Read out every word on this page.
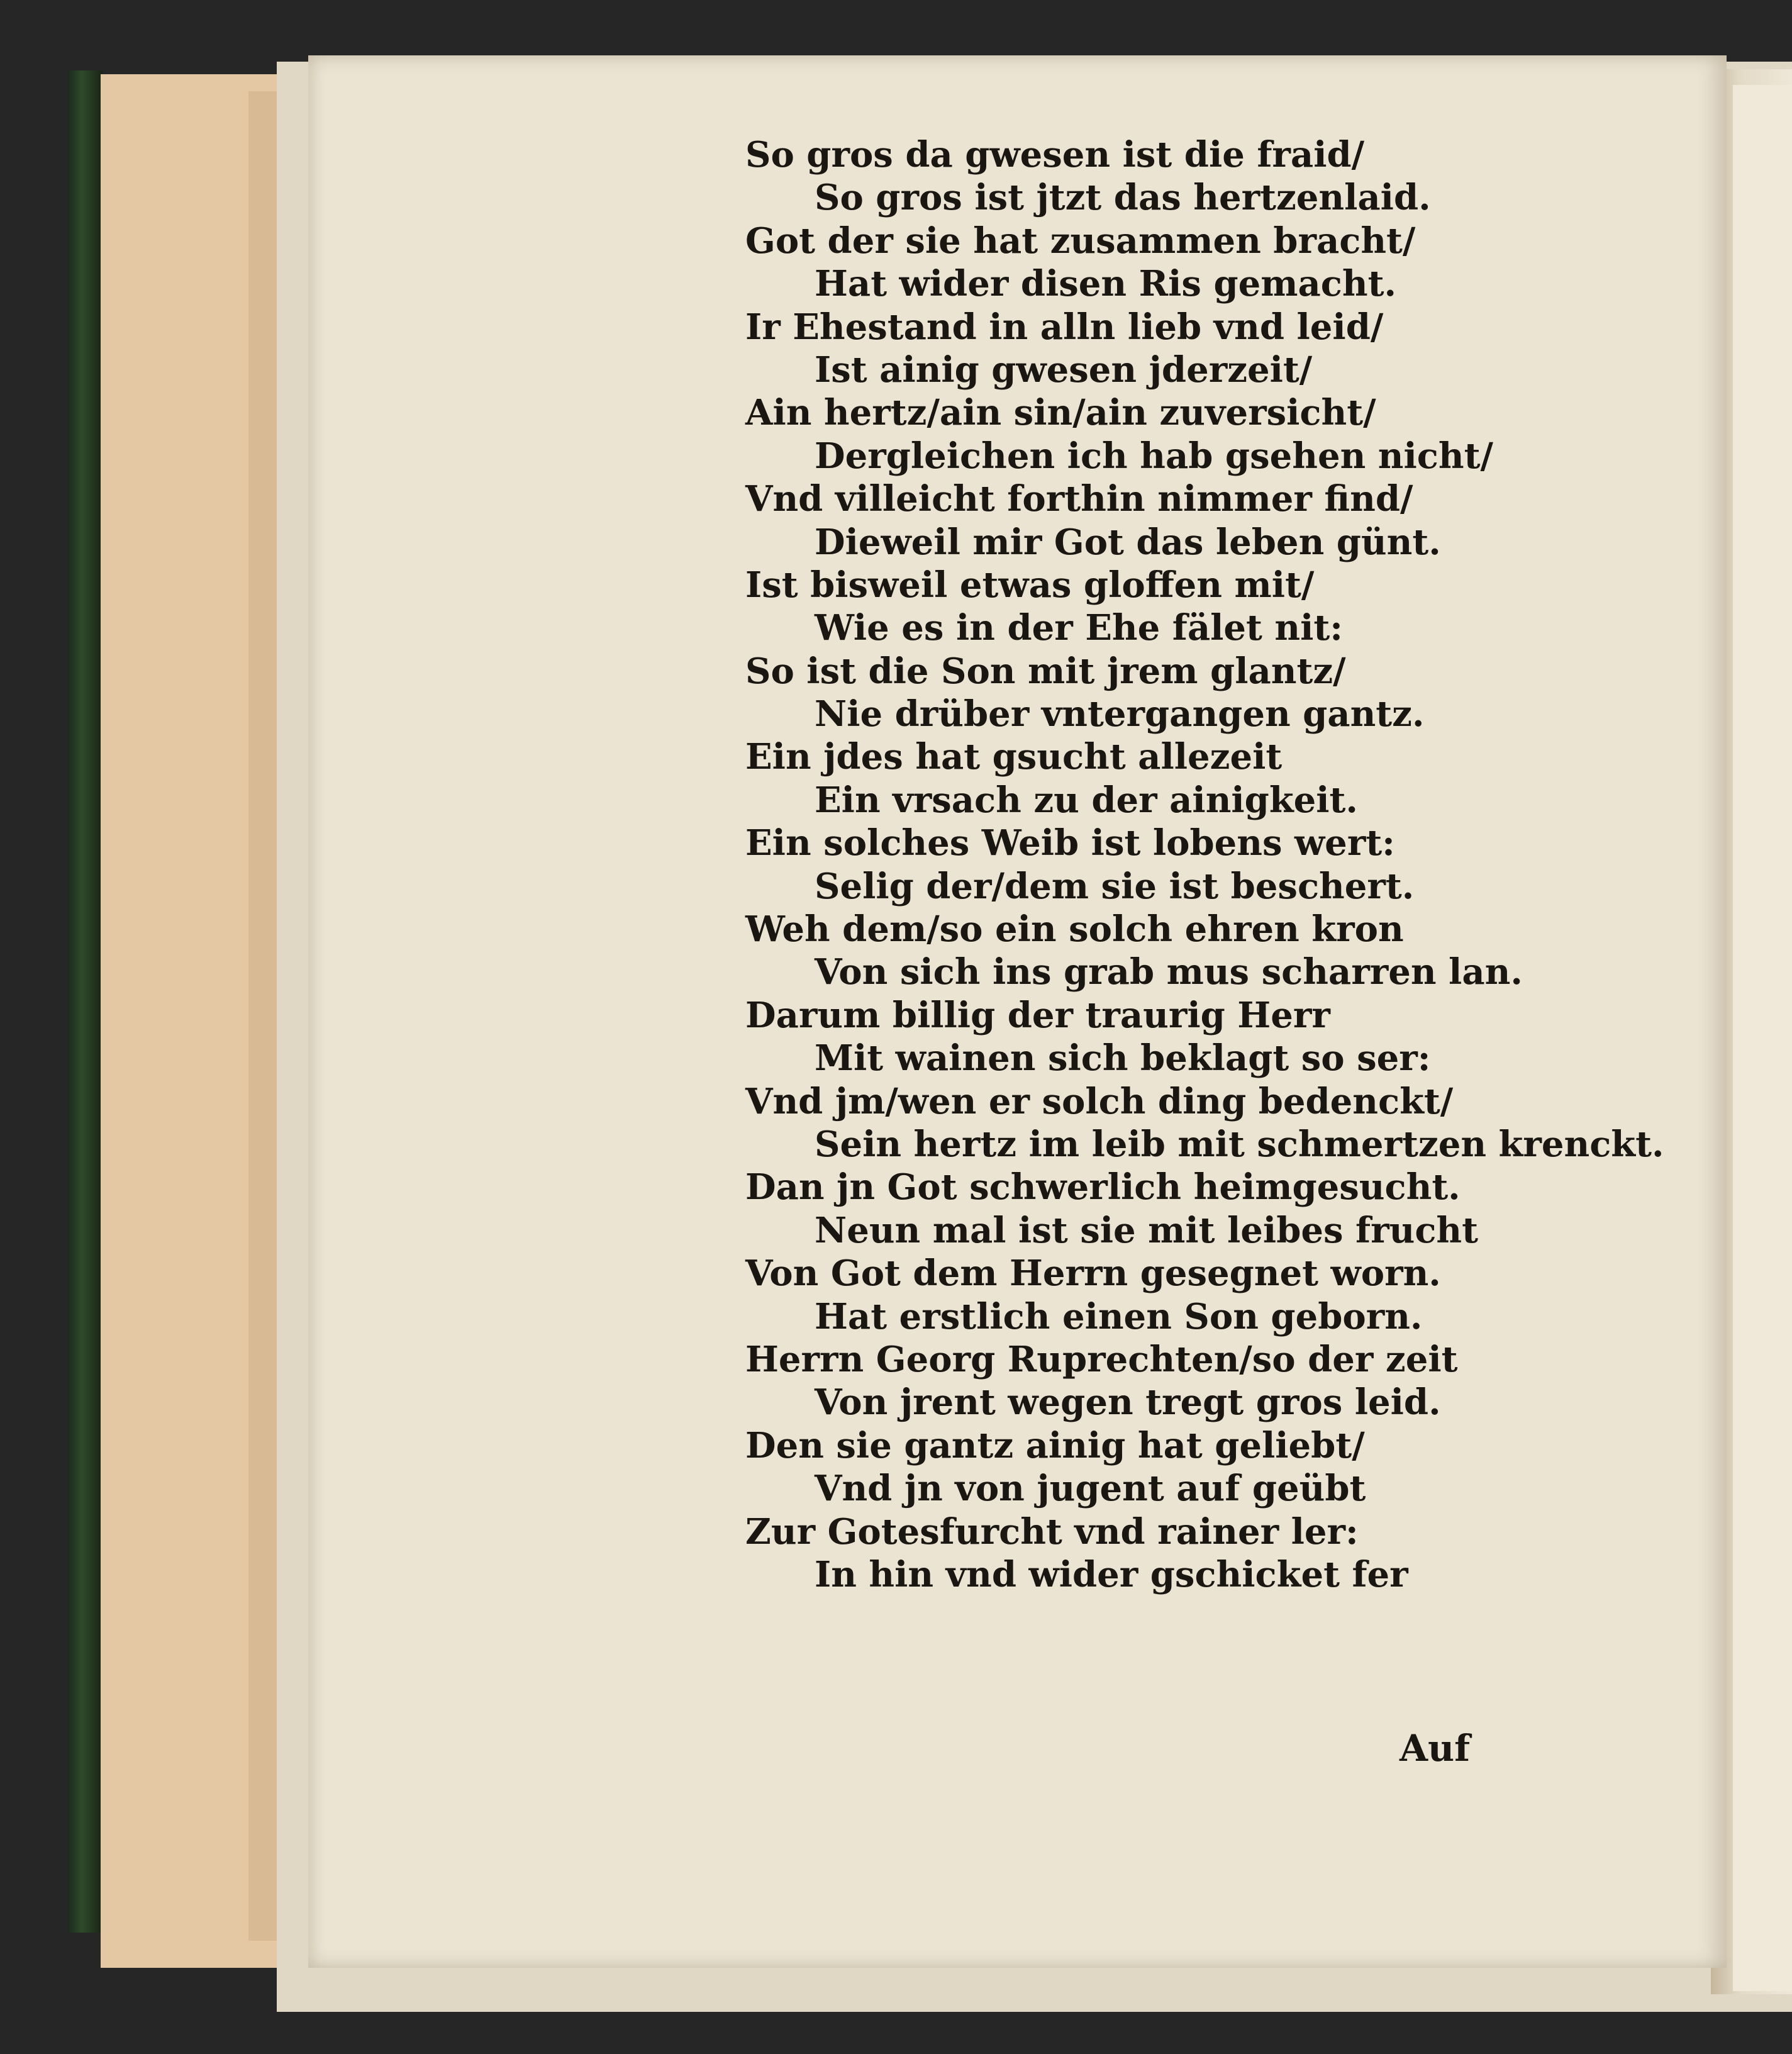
So gros da gwesen ist die fraid/
So gros ist jtzt das hertzenlaid.
Got der sie hat zusammen bracht/
Hat wider disen Ris gemacht.
Ir Ehestand in alln lieb vnd leid/
Ist ainig gwesen jderzeit/
Ain hertz/ain sin/ain zuversicht/
Dergleichen ich hab gsehen nicht/
Vnd villeicht forthin nimmer find/
Dieweil mir Got das leben günt.
Ist bisweil etwas gloffen mit/
Wie es in der Ehe fälet nit:
So ist die Son mit jrem glantz/
Nie drüber vntergangen gantz.
Ein jdes hat gsucht allezeit
Ein vrsach zu der ainigkeit.
Ein solches Weib ist lobens wert:
Selig der/dem sie ist beschert.
Weh dem/so ein solch ehren kron
Von sich ins grab mus scharren lan.
Darum billig der traurig Herr
Mit wainen sich beklagt so ser:
Vnd jm/wen er solch ding bedenckt/
Sein hertz im leib mit schmertzen krenckt.
Dan jn Got schwerlich heimgesucht.
Neun mal ist sie mit leibes frucht
Von Got dem Herrn gesegnet worn.
Hat erstlich einen Son geborn.
Herrn Georg Ruprechten/so der zeit
Von jrent wegen tregt gros leid.
Den sie gantz ainig hat geliebt/
Vnd jn von jugent auf geübt
Zur Gotesfurcht vnd rainer ler:
In hin vnd wider gschicket fer
Auf
